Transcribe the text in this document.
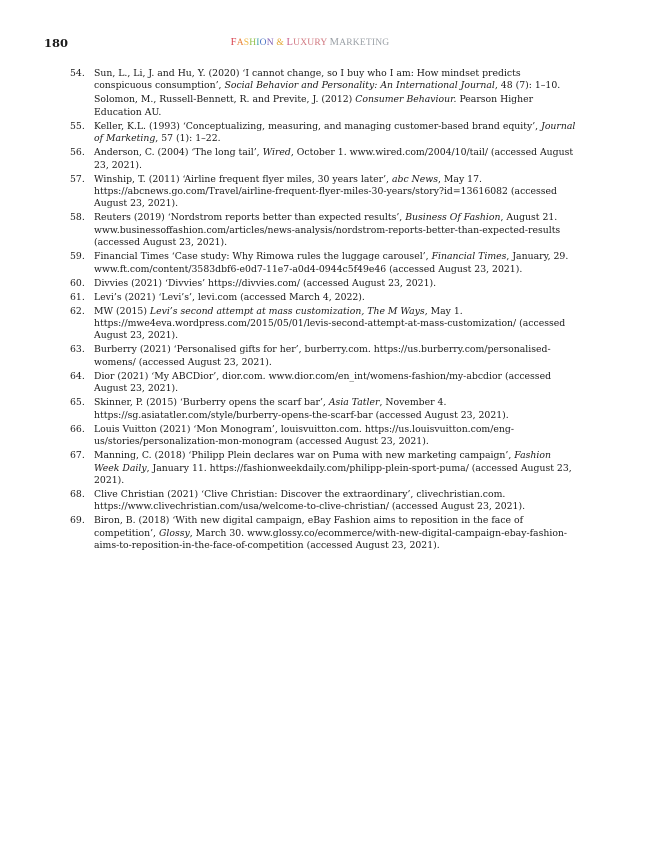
180	FASHION & LUXURY MARKETING
54. Sun, L., Li, J. and Hu, Y. (2020) ‘I cannot change, so I buy who I am: How mindset predicts conspicuous consumption’, Social Behavior and Personality: An International Journal, 48 (7): 1–10.
Solomon, M., Russell-Bennett, R. and Previte, J. (2012) Consumer Behaviour. Pearson Higher Education AU.
55. Keller, K.L. (1993) ‘Conceptualizing, measuring, and managing customer-based brand equity’, Journal of Marketing, 57 (1): 1–22.
56. Anderson, C. (2004) ‘The long tail’, Wired, October 1. www.wired.com/2004/10/tail/ (accessed August 23, 2021).
57. Winship, T. (2011) ‘Airline frequent flyer miles, 30 years later’, abc News, May 17. https://abcnews.go.com/Travel/airline-frequent-flyer-miles-30-years/story?id=13616082 (accessed August 23, 2021).
58. Reuters (2019) ‘Nordstrom reports better than expected results’, Business Of Fashion, August 21. www.businessoffashion.com/articles/news-analysis/nordstrom-reports-better-than-expected-results (accessed August 23, 2021).
59. Financial Times ‘Case study: Why Rimowa rules the luggage carousel’, Financial Times, January, 29. www.ft.com/content/3583dbf6-e0d7-11e7-a0d4-0944c5f49e46 (accessed August 23, 2021).
60. Divvies (2021) ‘Divvies’ https://divvies.com/ (accessed August 23, 2021).
61. Levi’s (2021) ‘Levi’s’, levi.com (accessed March 4, 2022).
62. MW (2015) Levi’s second attempt at mass customization, The M Ways, May 1. https://mwe4eva.wordpress.com/2015/05/01/levis-second-attempt-at-mass-customization/ (accessed August 23, 2021).
63. Burberry (2021) ‘Personalised gifts for her’, burberry.com. https://us.burberry.com/personalised-womens/ (accessed August 23, 2021).
64. Dior (2021) ‘My ABCDior’, dior.com. www.dior.com/en_int/womens-fashion/my-abcdior (accessed August 23, 2021).
65. Skinner, P. (2015) ‘Burberry opens the scarf bar’, Asia Tatler, November 4. https://sg.asiatatler.com/style/burberry-opens-the-scarf-bar (accessed August 23, 2021).
66. Louis Vuitton (2021) ‘Mon Monogram’, louisvuitton.com. https://us.louisvuitton.com/eng-us/stories/personalization-mon-monogram (accessed August 23, 2021).
67. Manning, C. (2018) ‘Philipp Plein declares war on Puma with new marketing campaign’, Fashion Week Daily, January 11. https://fashionweekdaily.com/philipp-plein-sport-puma/ (accessed August 23, 2021).
68. Clive Christian (2021) ‘Clive Christian: Discover the extraordinary’, clivechristian.com. https://www.clivechristian.com/usa/welcome-to-clive-christian/ (accessed August 23, 2021).
69. Biron, B. (2018) ‘With new digital campaign, eBay Fashion aims to reposition in the face of competition’, Glossy, March 30. www.glossy.co/ecommerce/with-new-digital-campaign-ebay-fashion-aims-to-reposition-in-the-face-of-competition (accessed August 23, 2021).
